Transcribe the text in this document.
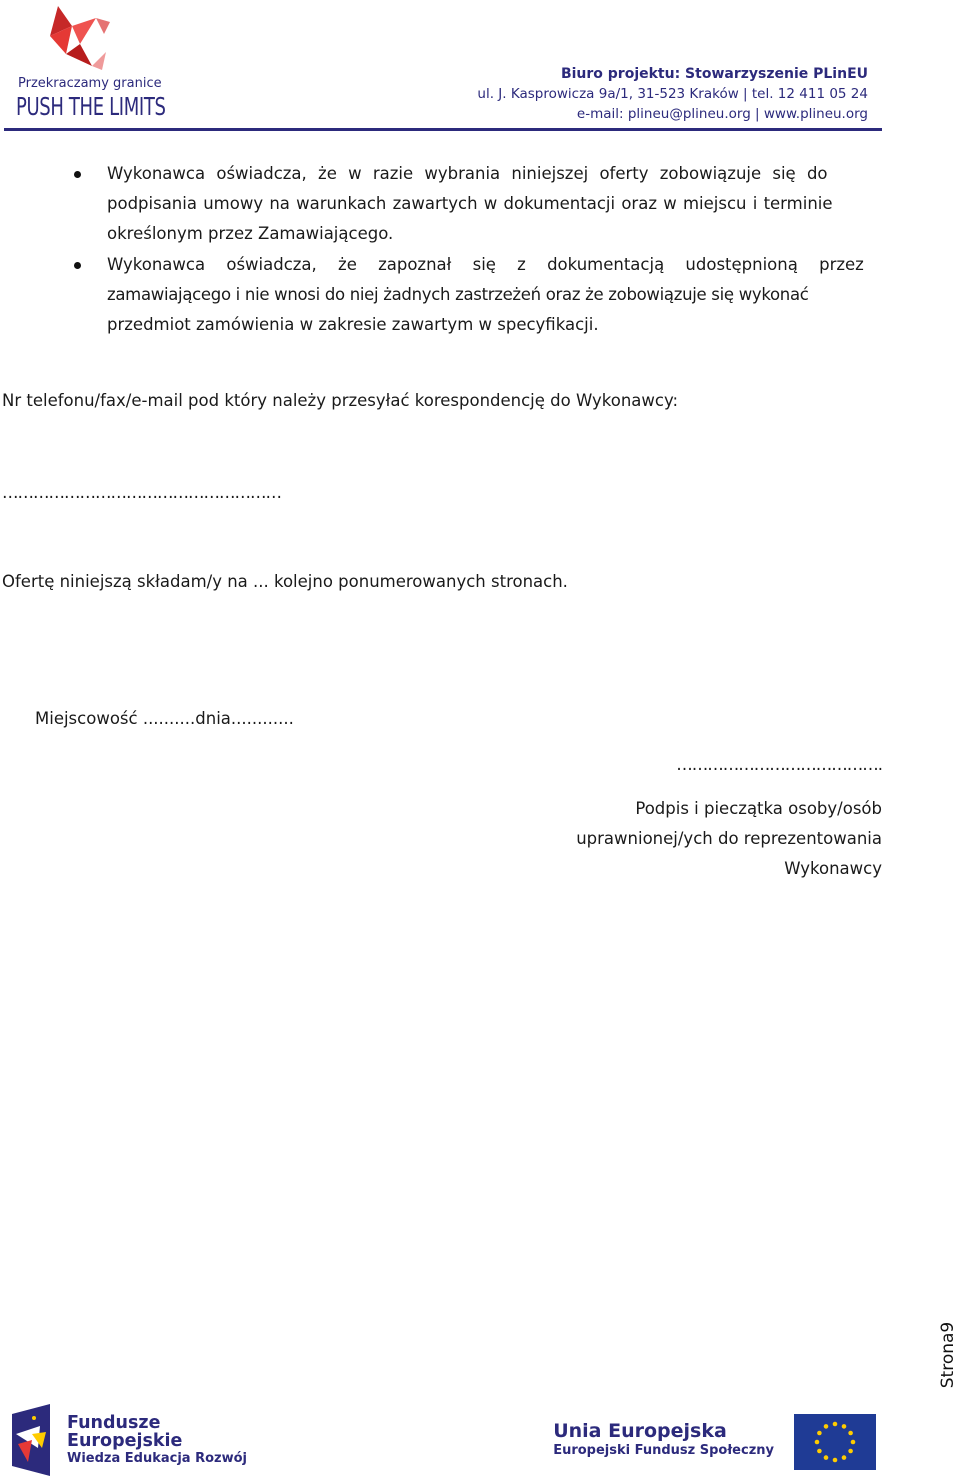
Przekraczamy granice
PUSH THE LIMITS
Biuro projektu: Stowarzyszenie PLinEU
ul. J. Kasprowicza 9a/1, 31-523 Kraków | tel. 12 411 05 24
e-mail: plineu@plineu.org | www.plineu.org
Wykonawca oświadcza, że w razie wybrania niniejszej oferty zobowiązuje się do
podpisania umowy na warunkach zawartych w dokumentacji oraz w miejscu i terminie
określonym przez Zamawiającego.
Wykonawca oświadcza, że zapoznał się z dokumentacją udostępnioną przez
zamawiającego i nie wnosi do niej żadnych zastrzeżeń oraz że zobowiązuje się wykonać
przedmiot zamówienia w zakresie zawartym w specyfikacji.
Nr telefonu/fax/e-mail pod który należy przesyłać korespondencję do Wykonawcy:
………………………………………………
Ofertę niniejszą składam/y na ... kolejno ponumerowanych stronach.
Miejscowość ..........dnia............
………………………………….
Podpis i pieczątka osoby/osób
uprawnionej/ych do reprezentowania
Wykonawcy
Strona9
Fundusze
Europejskie
Wiedza Edukacja Rozwój
Unia Europejska
Europejski Fundusz Społeczny
